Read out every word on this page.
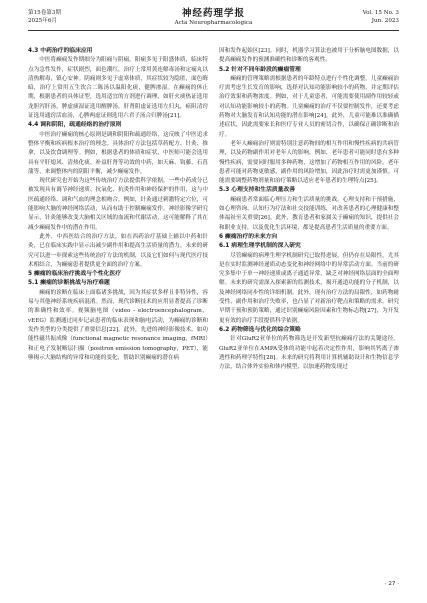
第15卷第3期
2025年6月
神经药理学报
Acta Neuropharmacologica
Vol. 15 No. 3
Jun. 2023

4.3 中药治疗的临床应用

中医将癫痫发作期细分为阳痫与阴痫。阳痫多见于阳盛体质，临床特点为急性发作，症状剧烈，面色潮红，治疗上常用黄连解毒汤和定痫丸以清热解毒，镇心安神。阴痫则多见于虚寒体质，其症状较为隐匿，面色晦暗，治疗上常用五生饮合二陈汤以温阳化痰，健脾渗湿。在癫痫的休止期，根据患者的具体证型，选用适宜的方剂进行调理，如肝火痰热证选用龙胆泻肝汤，脾虚痰湿证选用醒脾汤，肝肾阴虚证选用左归丸，瘀阻清窍证选用通窍活血汤，心脾两虚证则选用六君子汤合归脾汤[21]。

4.4 调和阴阳，疏通经络的治疗原则

中医治疗癫痫的核心原则是调和阴阳和疏通经络，这反映了中医追求整体平衡和疾病根本治疗的理念。具体治疗方法包括草药配方、针灸、推拿，以及饮食调理等。例如，根据患者的体质和症状，中医师可能会选用具有平肝熄风、清热化痰、补益肝肾等功效的中药，如天麻、钩藤、石菖蒲等，来调整体内的阴阳平衡，减少癫痫发作。

现代研究也开始为这些传统治疗方法提供科学依据。一些中药成分已被发现具有调节神经递质、抗氧化、抗炎作用和神经保护的作用，这与中医疏通经络、调和气血的理念相吻合。例如，针灸通过刺激特定穴位，可能影响大脑的神经网络活动，从而有助于控制癫痫发作。神经影像学研究显示，针灸能够改变大脑相关区域的血流和代谢活动，这可能解释了其在减少癫痫发作中的潜在作用。

此外，中西医结合的治疗方法，如在西药治疗基础上辅以中药和针灸，已在临床实践中显示出减少副作用和提高生活质量的潜力。未来的研究可以进一步探索这些传统治疗方法的机制，以及它们如何与现代医疗技术相结合，为癫痫患者提供更全面的治疗方案。

5 癫痫的临床治疗挑战与个性化医疗

5.1 癫痫的诊断挑战与治疗难题

癫痫的诊断在临床上面临诸多挑战，因为其症状多样且非特异性，容易与其他神经系统疾病混淆。然而，现代诊断技术的应用显著提高了诊断的准确性和效率。视频脑电图（video – electroencephalogram，vEEG）监测通过同步记录患者的临床表现和脑电活动，为癫痫的诊断和发作类型的分类提供了重要信息[22]。此外，先进的神经影像技术，如功能性磁共振成像（functional magnetic resonance imaging，fMRI）和正电子发射断层扫描（positron emission tomography，PET），能够揭示大脑结构的异常和功能的变化，帮助识别癫痫的潜在病

因和发作起始区[23]。同时，机器学习算法也被用于分析脑电图数据，以提高癫痫发作的预测准确性和诊断的客观性。

5.2 针对不同年龄段的癫痫管理

癫痫的管理策略需根据患者的年龄特点进行个性化调整。儿童癫痫治疗需考虑生长发育的影响，选择对认知功能影响较小的药物，并定期评估治疗效果和药物浓度。例如，对于儿童患者，可能需要使用副作用较轻或对认知功能影响较小的药物。儿童癫痫的治疗不仅要控制发作，还要考虑药物对大脑发育和认知功能的潜在影响[24]。此外，儿童可能难以准确描述症状，因此需要家长和医疗专业人员的密切合作，以确保正确诊断和治疗。

老年人癫痫治疗则需特别注意药物间的相互作用和慢性疾病的共病管理，以及药物副作用对老年人的影响。例如，老年患者可能同时患有多种慢性疾病，需要同时服用多种药物，这增加了药物相互作用的风险。老年患者可能对药物更敏感，副作用的风险增加，因此治疗时需更加谨慎。可能需要调整药物剂量和治疗策略以适应老年患者的生理特点[25]。

5.3 心理支持和生活质量改善

癫痫患者常面临心理压力和生活质量的挑战。心理支持和干预措施，如心理咨询、认知行为疗法和社交技能训练，对改善患者的心理健康和整体福祉至关重要[26]。此外，教育患者和家属关于癫痫的知识，提供社会和职业支持，以及优化生活环境，都是提高患者生活质量的重要方面。

6 癫痫治疗的未来方向

6.1 病理生理学机制的深入研究

尽管癫痫的病理生理学机制研究已取得进展，但仍存在局限性，尤其是在实时监测神经递质动态变化和神经网络中的异常活动方面。当前的研究多集中于单一神经递质或离子通道异常，缺乏对神经网络层面的全面理解。未来的研究需深入探索新的监测技术，揭开通道功能的分子机制，以及神经网络同步性的详细机制。此外，现有治疗方法的局限性，如药物耐受性、副作用和治疗失败率，也凸显了对新治疗靶点和策略的需求。研究早期干预和预防策略，通过识别癫痫风险因素和生物标志物[27]，为开发更有效的治疗手段提供科学依据。

6.2 药物筛选与优化的综合策略

针对GluR2亚单位的药物筛选是开发新型抗癫痫疗法的关键途径。GluR2亚单位在AMPA受体的功能中起着决定性作用，影响其钙离子渗透性和药理学特性[28]。未来的研究将利用计算机辅助设计和生物信息学方法，结合体外实验和体内模型，以加速药物发现过

· 27 ·
